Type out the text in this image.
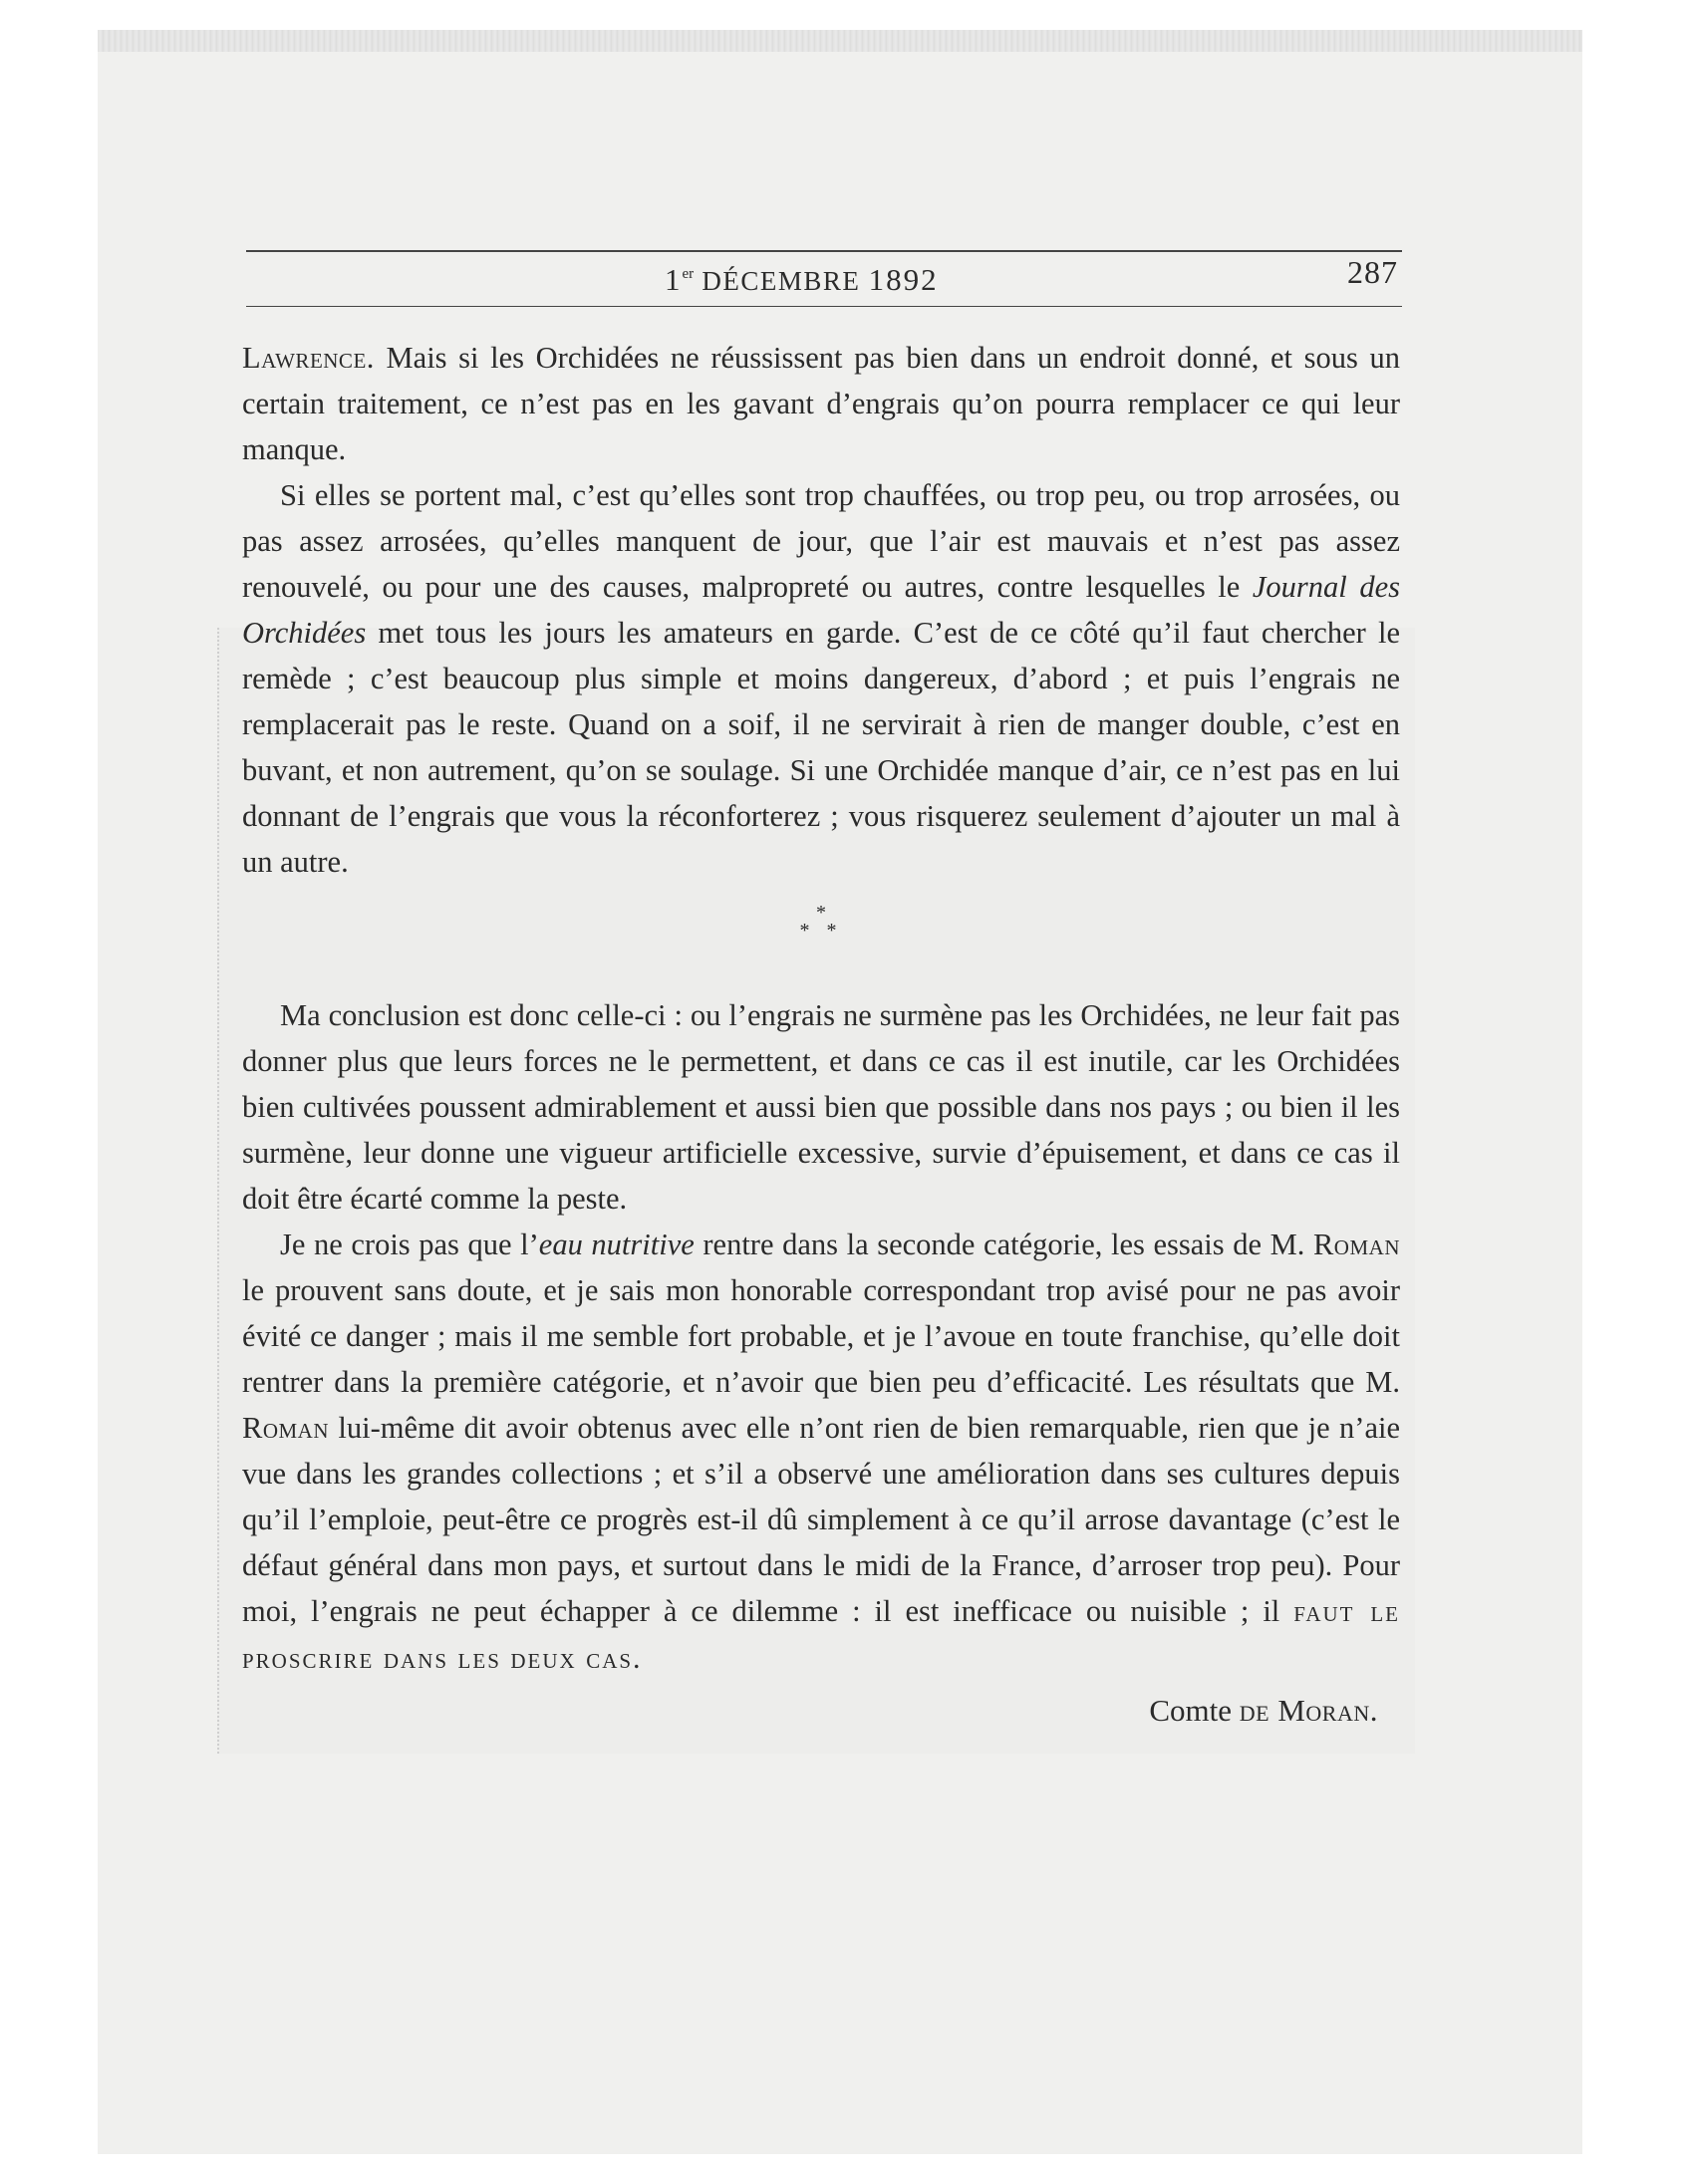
1er DÉCEMBRE 1892	287

Lawrence. Mais si les Orchidées ne réussissent pas bien dans un endroit donné, et sous un certain traitement, ce n’est pas en les gavant d’engrais qu’on pourra remplacer ce qui leur manque.

Si elles se portent mal, c’est qu’elles sont trop chauffées, ou trop peu, ou trop arrosées, ou pas assez arrosées, qu’elles manquent de jour, que l’air est mauvais et n’est pas assez renouvelé, ou pour une des causes, malpropreté ou autres, contre lesquelles le Journal des Orchidées met tous les jours les amateurs en garde. C’est de ce côté qu’il faut chercher le remède ; c’est beaucoup plus simple et moins dangereux, d’abord ; et puis l’engrais ne remplacerait pas le reste. Quand on a soif, il ne servirait à rien de manger double, c’est en buvant, et non autrement, qu’on se soulage. Si une Orchidée manque d’air, ce n’est pas en lui donnant de l’engrais que vous la réconforterez ; vous risquerez seulement d’ajouter un mal à un autre.

*
* *

Ma conclusion est donc celle-ci : ou l’engrais ne surmène pas les Orchidées, ne leur fait pas donner plus que leurs forces ne le permettent, et dans ce cas il est inutile, car les Orchidées bien cultivées poussent admirablement et aussi bien que possible dans nos pays ; ou bien il les surmène, leur donne une vigueur artificielle excessive, survie d’épuisement, et dans ce cas il doit être écarté comme la peste.

Je ne crois pas que l’eau nutritive rentre dans la seconde catégorie, les essais de M. Roman le prouvent sans doute, et je sais mon honorable correspondant trop avisé pour ne pas avoir évité ce danger ; mais il me semble fort probable, et je l’avoue en toute franchise, qu’elle doit rentrer dans la première catégorie, et n’avoir que bien peu d’efficacité. Les résultats que M. Roman lui-même dit avoir obtenus avec elle n’ont rien de bien remarquable, rien que je n’aie vue dans les grandes collections ; et s’il a observé une amélioration dans ses cultures depuis qu’il l’emploie, peut-être ce progrès est-il dû simplement à ce qu’il arrose davantage (c’est le défaut général dans mon pays, et surtout dans le midi de la France, d’arroser trop peu). Pour moi, l’engrais ne peut échapper à ce dilemme : il est inefficace ou nuisible ; il faut le proscrire dans les deux cas.

Comte de Moran.
